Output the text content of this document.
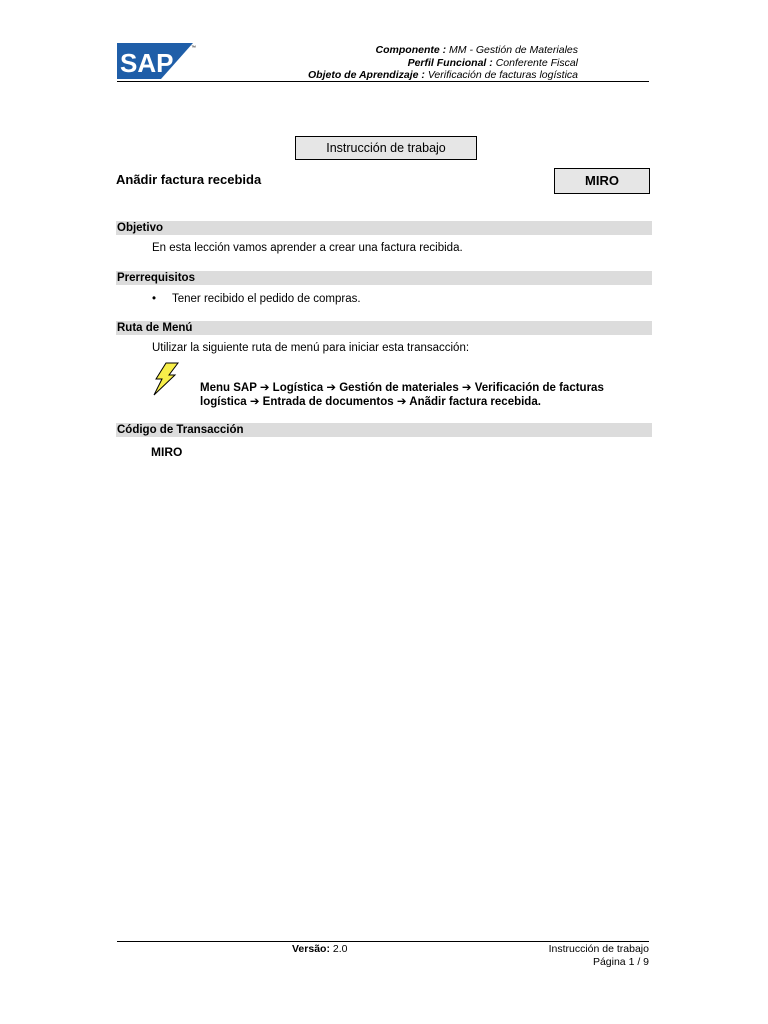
SAP	™	Componente : MM - Gestión de Materiales
Perfil Funcional : Conferente Fiscal
Objeto de Aprendizaje : Verificación de facturas logística
Instrucción de trabajo
Anãdir factura recebida	MIRO
Objetivo
En esta lección vamos aprender a crear una factura recibida.
Prerrequisitos
• Tener recibido el pedido de compras.
Ruta de Menú
Utilizar la siguiente ruta de menú para iniciar esta transacción:
Menu SAP ➔ Logística ➔ Gestión de materiales ➔ Verificación de facturas
logística ➔ Entrada de documentos ➔ Anãdir factura recebida.
Código de Transacción
MIRO
Versão: 2.0	Instrucción de trabajo
Página 1 / 9
